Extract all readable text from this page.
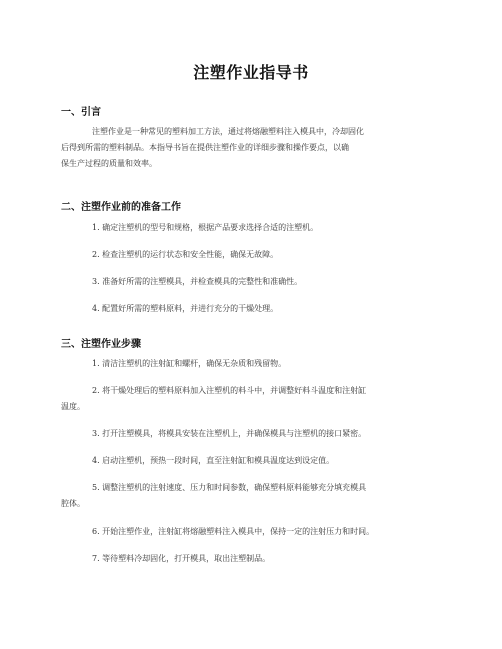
注塑作业指导书
一、引言
注塑作业是一种常见的塑料加工方法，通过将熔融塑料注入模具中，冷却固化
后得到所需的塑料制品。本指导书旨在提供注塑作业的详细步骤和操作要点，以确
保生产过程的质量和效率。
二、注塑作业前的准备工作
1. 确定注塑机的型号和规格，根据产品要求选择合适的注塑机。
2. 检查注塑机的运行状态和安全性能，确保无故障。
3. 准备好所需的注塑模具，并检查模具的完整性和准确性。
4. 配置好所需的塑料原料，并进行充分的干燥处理。
三、注塑作业步骤
1. 清洁注塑机的注射缸和螺杆，确保无杂质和残留物。
2. 将干燥处理后的塑料原料加入注塑机的料斗中，并调整好料斗温度和注射缸
温度。
3. 打开注塑模具，将模具安装在注塑机上，并确保模具与注塑机的接口紧密。
4. 启动注塑机，预热一段时间，直至注射缸和模具温度达到设定值。
5. 调整注塑机的注射速度、压力和时间参数，确保塑料原料能够充分填充模具
腔体。
6. 开始注塑作业，注射缸将熔融塑料注入模具中，保持一定的注射压力和时间。
7. 等待塑料冷却固化，打开模具，取出注塑制品。
